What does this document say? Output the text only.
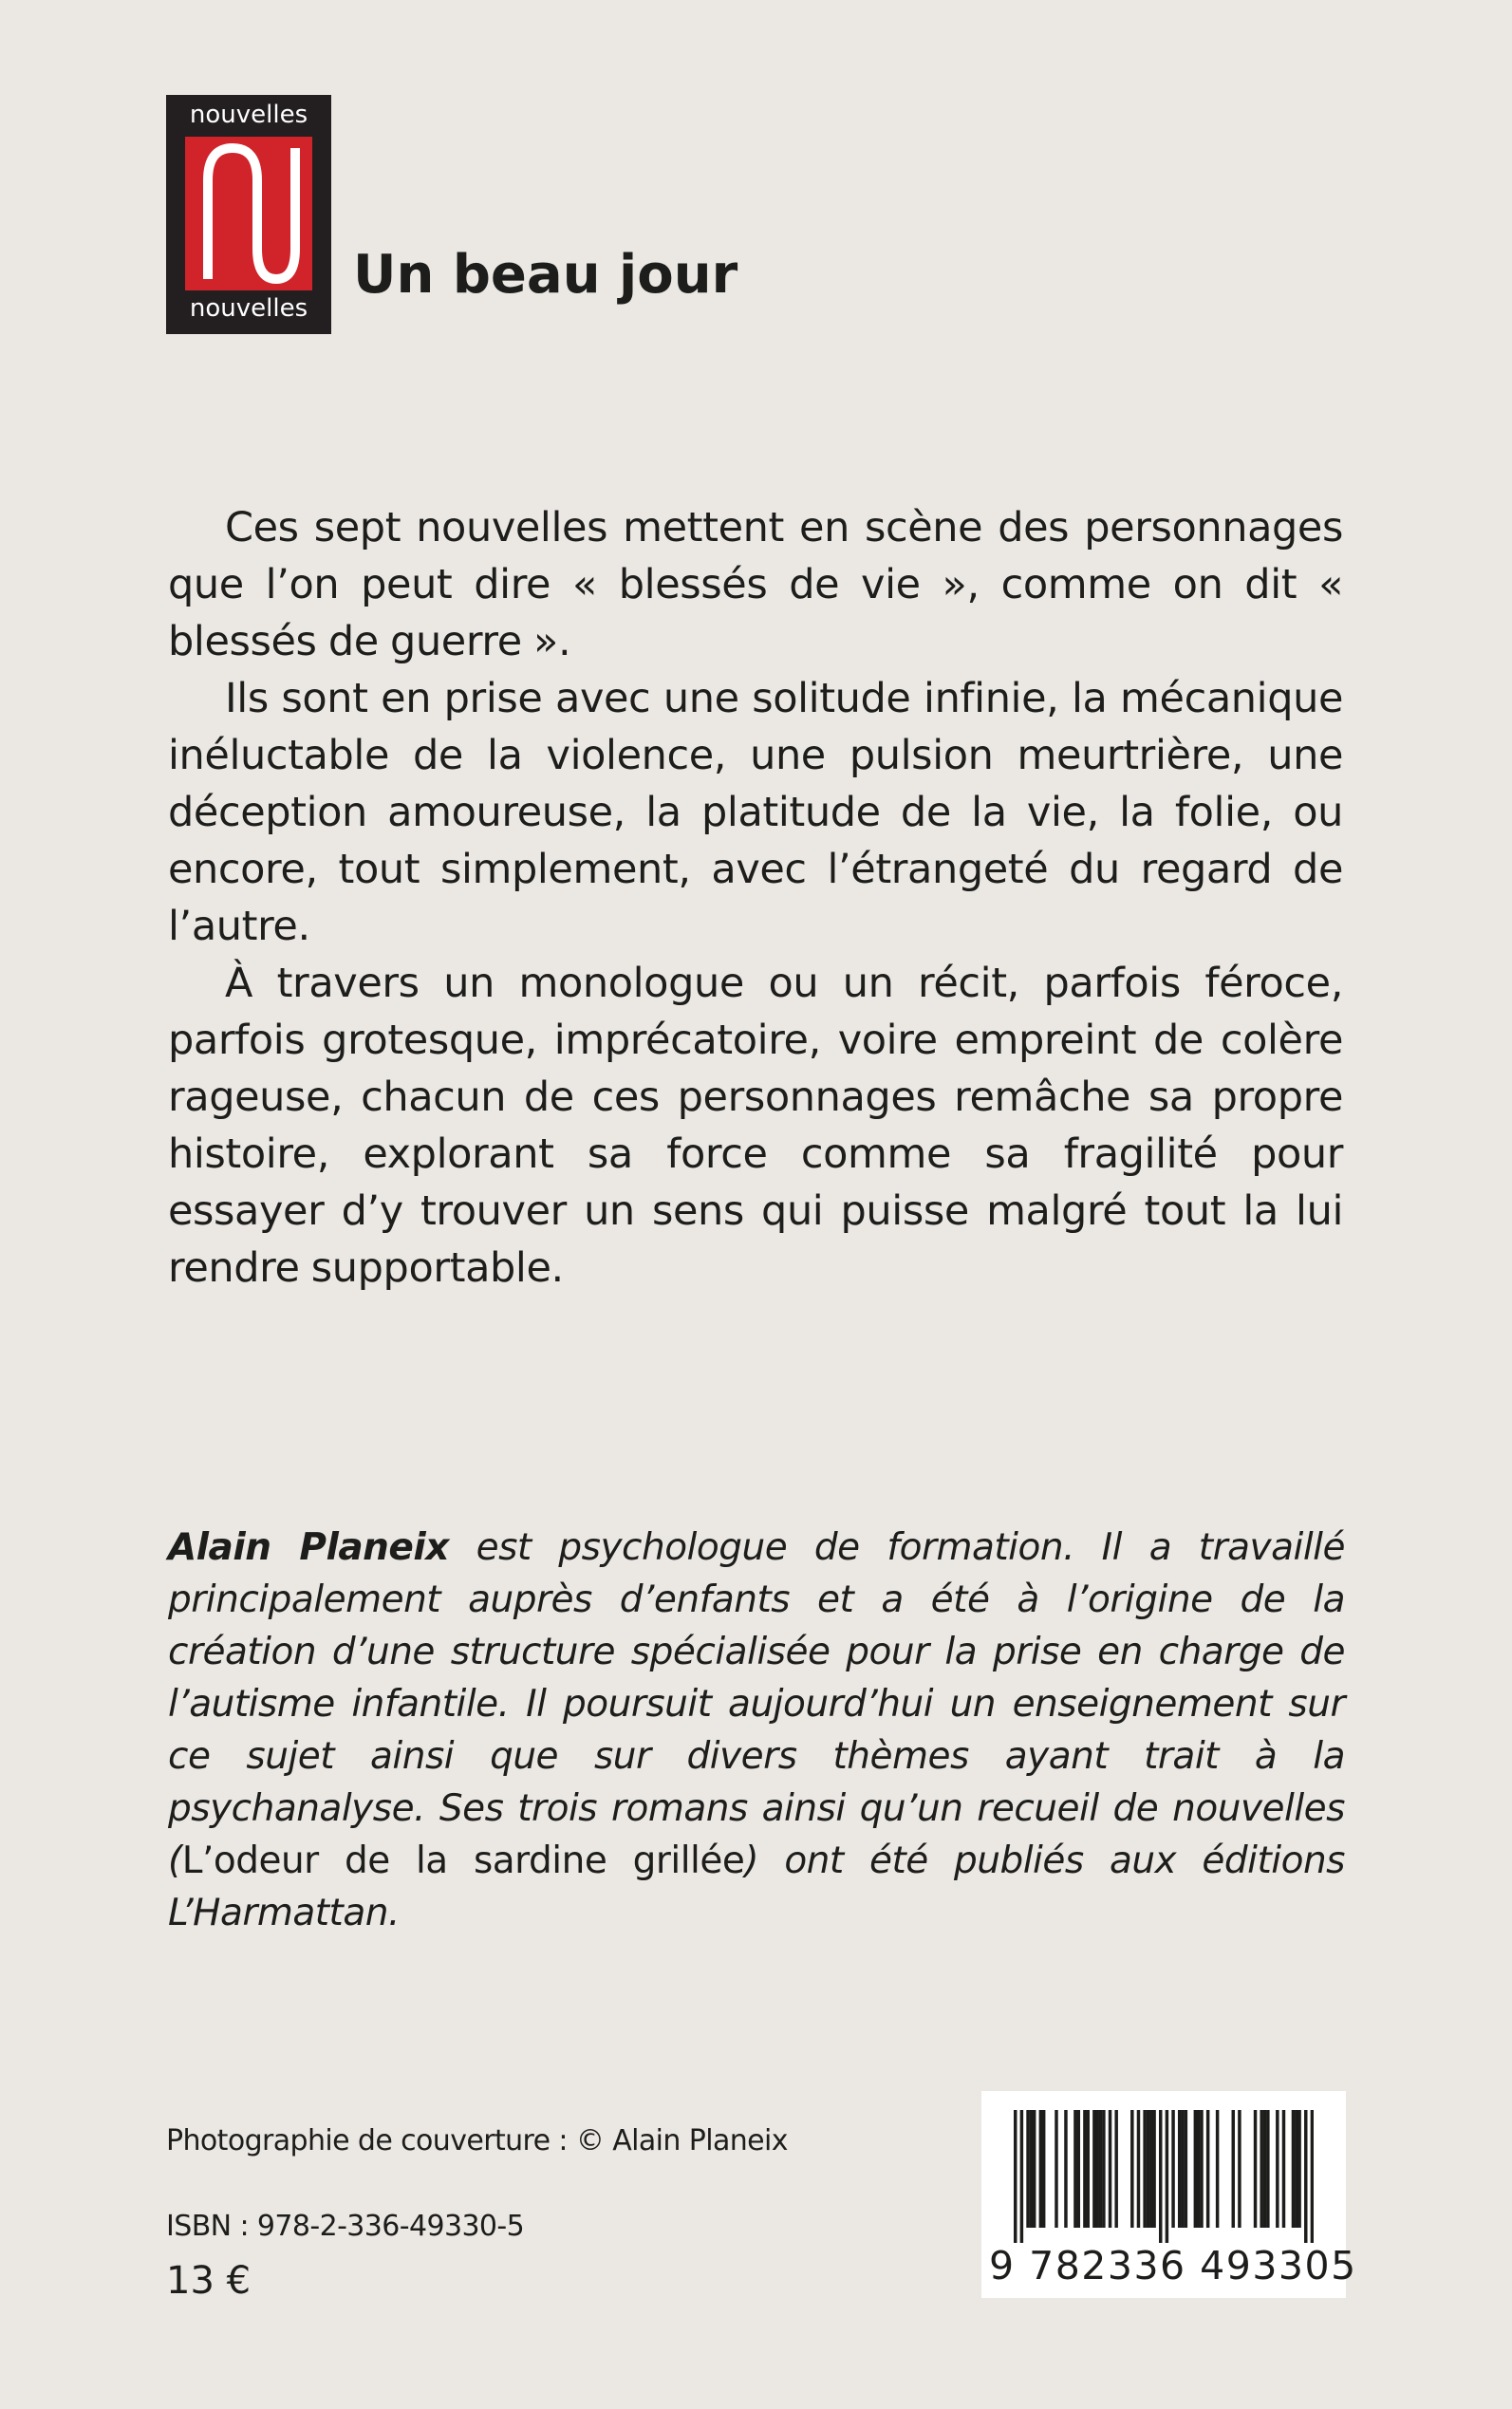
nouvelles
nouvelles
Un beau jour

Ces sept nouvelles mettent en scène des personnages que l’on peut dire « blessés de vie », comme on dit « blessés de guerre ».

Ils sont en prise avec une solitude infinie, la mécanique inéluctable de la violence, une pulsion meurtrière, une déception amoureuse, la platitude de la vie, la folie, ou encore, tout simplement, avec l’étrangeté du regard de l’autre.

À travers un monologue ou un récit, parfois féroce, parfois grotesque, imprécatoire, voire empreint de colère rageuse, chacun de ces personnages remâche sa propre histoire, explorant sa force comme sa fragilité pour essayer d’y trouver un sens qui puisse malgré tout la lui rendre supportable.

Alain Planeix est psychologue de formation. Il a travaillé principalement auprès d’enfants et a été à l’origine de la création d’une structure spécialisée pour la prise en charge de l’autisme infantile. Il poursuit aujourd’hui un enseignement sur ce sujet ainsi que sur divers thèmes ayant trait à la psychanalyse. Ses trois romans ainsi qu’un recueil de nouvelles (L’odeur de la sardine grillée) ont été publiés aux éditions L’Harmattan.
Photographie de couverture : © Alain Planeix
ISBN : 978-2-336-49330-5
13 €	9 782336 493305
